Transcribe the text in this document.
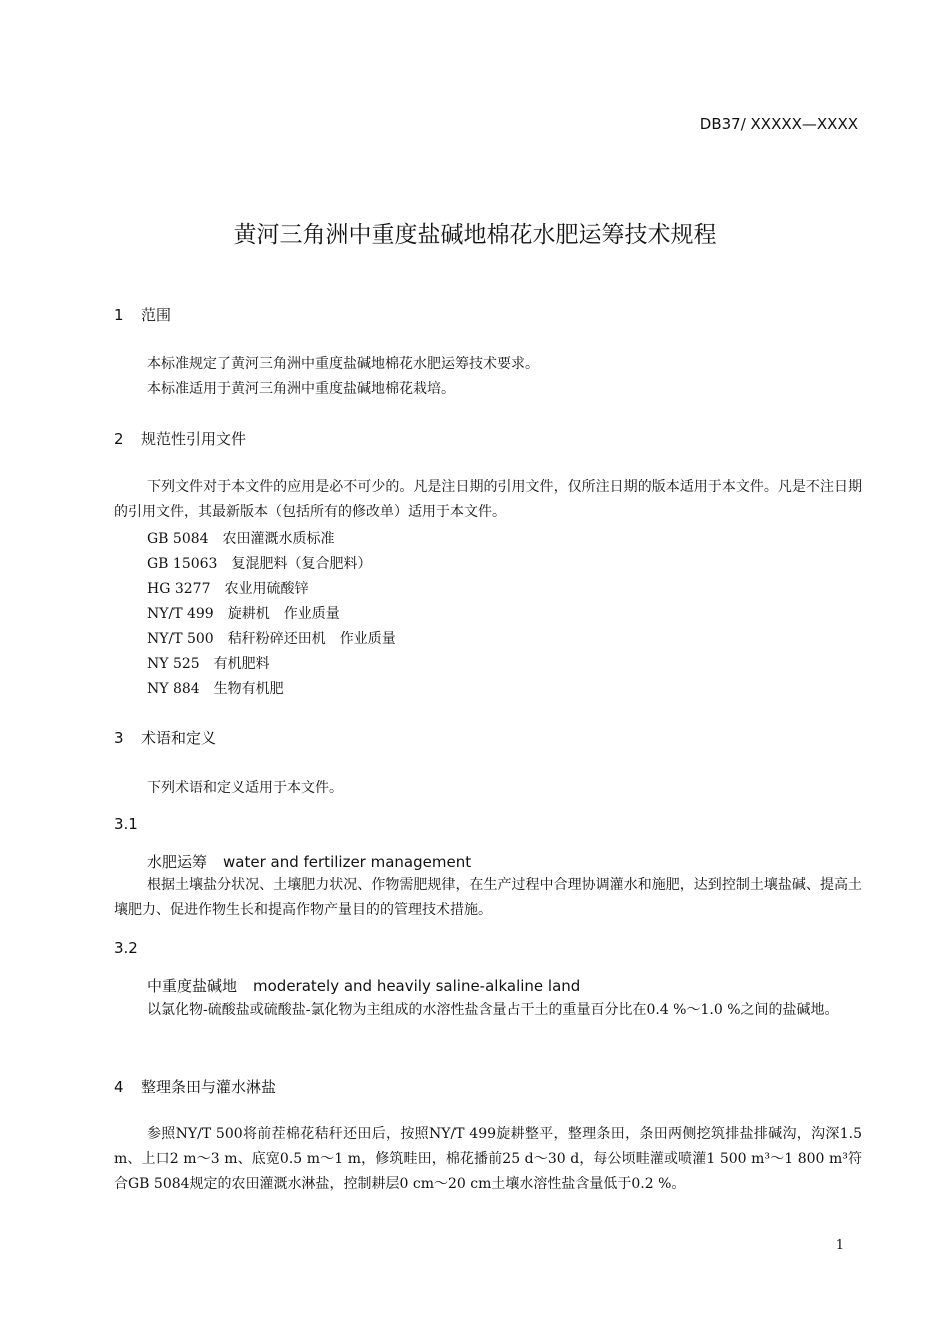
DB37/ XXXXX—XXXX
黄河三角洲中重度盐碱地棉花水肥运筹技术规程
1 范围
本标准规定了黄河三角洲中重度盐碱地棉花水肥运筹技术要求。
本标准适用于黄河三角洲中重度盐碱地棉花栽培。
2 规范性引用文件
下列文件对于本文件的应用是必不可少的。凡是注日期的引用文件，仅所注日期的版本适用于本文件。凡是不注日期的引用文件，其最新版本（包括所有的修改单）适用于本文件。
GB 5084　农田灌溉水质标准
GB 15063　复混肥料（复合肥料）
HG 3277　农业用硫酸锌
NY/T 499　旋耕机　作业质量
NY/T 500　秸秆粉碎还田机　作业质量
NY 525　有机肥料
NY 884　生物有机肥
3 术语和定义
下列术语和定义适用于本文件。
3.1
水肥运筹 water and fertilizer management
根据土壤盐分状况、土壤肥力状况、作物需肥规律，在生产过程中合理协调灌水和施肥，达到控制土壤盐碱、提高土壤肥力、促进作物生长和提高作物产量目的的管理技术措施。
3.2
中重度盐碱地 moderately and heavily saline-alkaline land
以氯化物-硫酸盐或硫酸盐-氯化物为主组成的水溶性盐含量占干土的重量百分比在0.4 %～1.0 %之间的盐碱地。
4 整理条田与灌水淋盐
参照NY/T 500将前茬棉花秸秆还田后，按照NY/T 499旋耕整平，整理条田，条田两侧挖筑排盐排碱沟，沟深1.5 m、上口2 m～3 m、底宽0.5 m～1 m，修筑畦田，棉花播前25 d～30 d，每公顷畦灌或喷灌1 500 m³～1 800 m³符合GB 5084规定的农田灌溉水淋盐，控制耕层0 cm～20 cm土壤水溶性盐含量低于0.2 %。
1
